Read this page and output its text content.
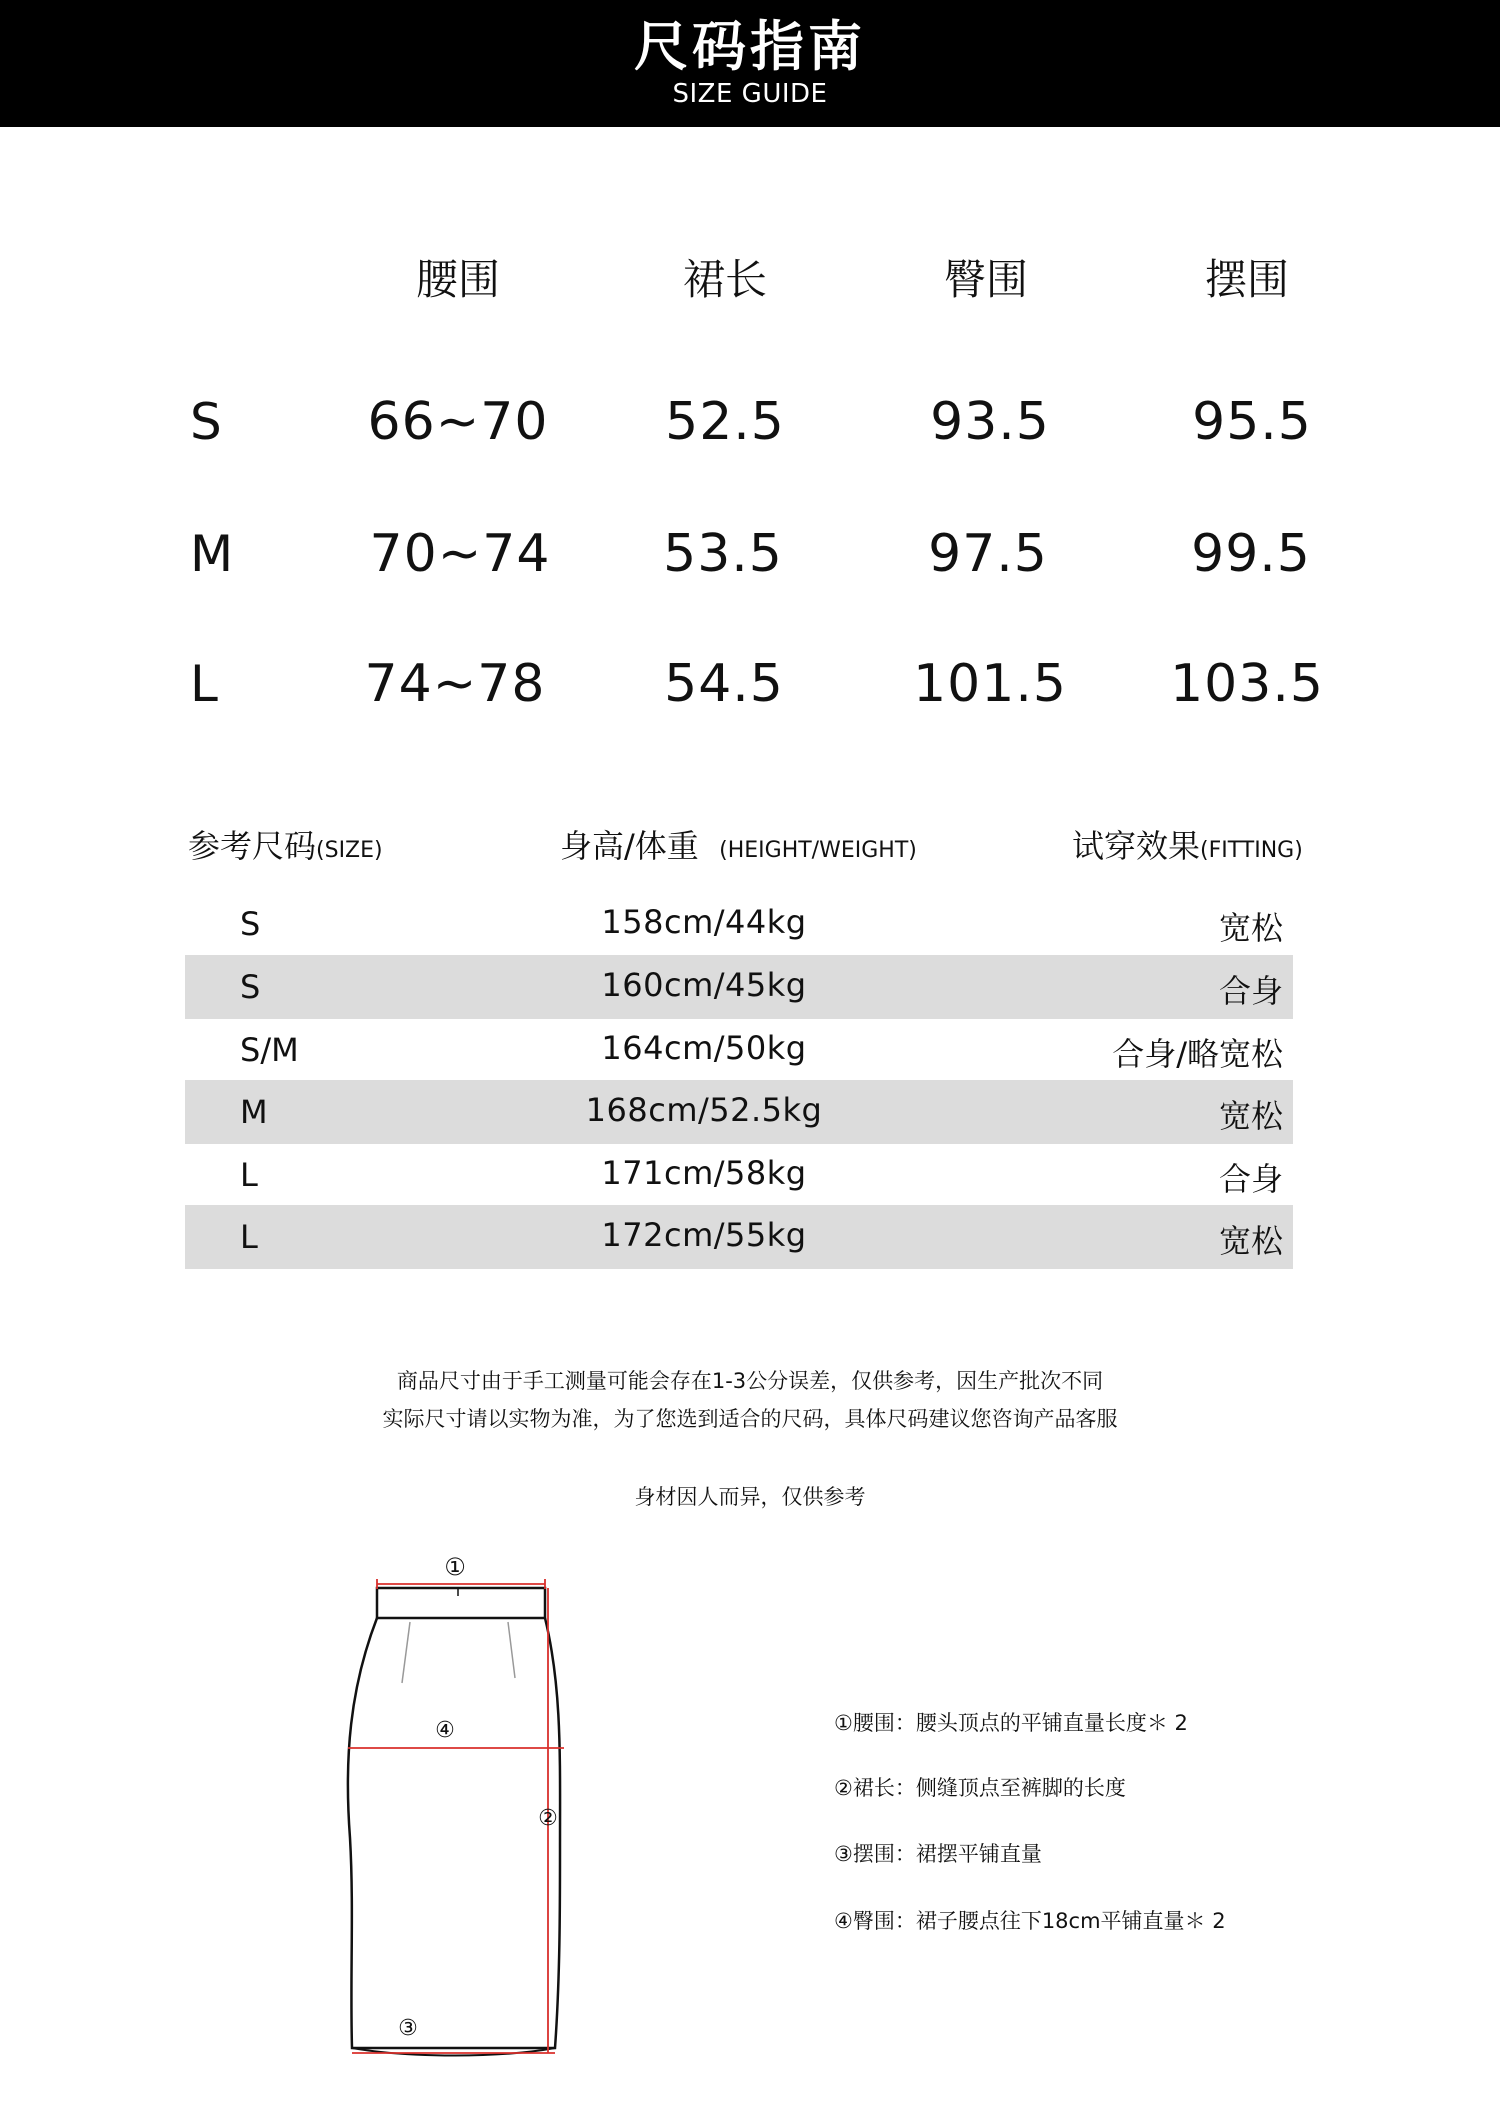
尺码指南
SIZE GUIDE
腰围	裙长	臀围	摆围
S	66~70 52.5	93.5	95.5
M	70~74 53.5	97.5	99.5
L	74~78 54.5 101.5 103.5
参考尺码(SIZE)	身高/体重 (HEIGHT/WEIGHT)	试穿效果(FITTING)
S	158cm/44kg	宽松
S	160cm/45kg	合身
S/M	164cm/50kg	合身/略宽松
M	168cm/52.5kg	宽松
L	171cm/58kg	合身
L	172cm/55kg	宽松
商品尺寸由于手工测量可能会存在1-3公分误差，仅供参考，因生产批次不同
实际尺寸请以实物为准，为了您选到适合的尺码，具体尺码建议您咨询产品客服
身材因人而异，仅供参考
①
②
③
④	①腰围：腰头顶点的平铺直量长度＊ 2
②裙长：侧缝顶点至裤脚的长度
③摆围：裙摆平铺直量
④臀围：裙子腰点往下18cm平铺直量＊ 2
